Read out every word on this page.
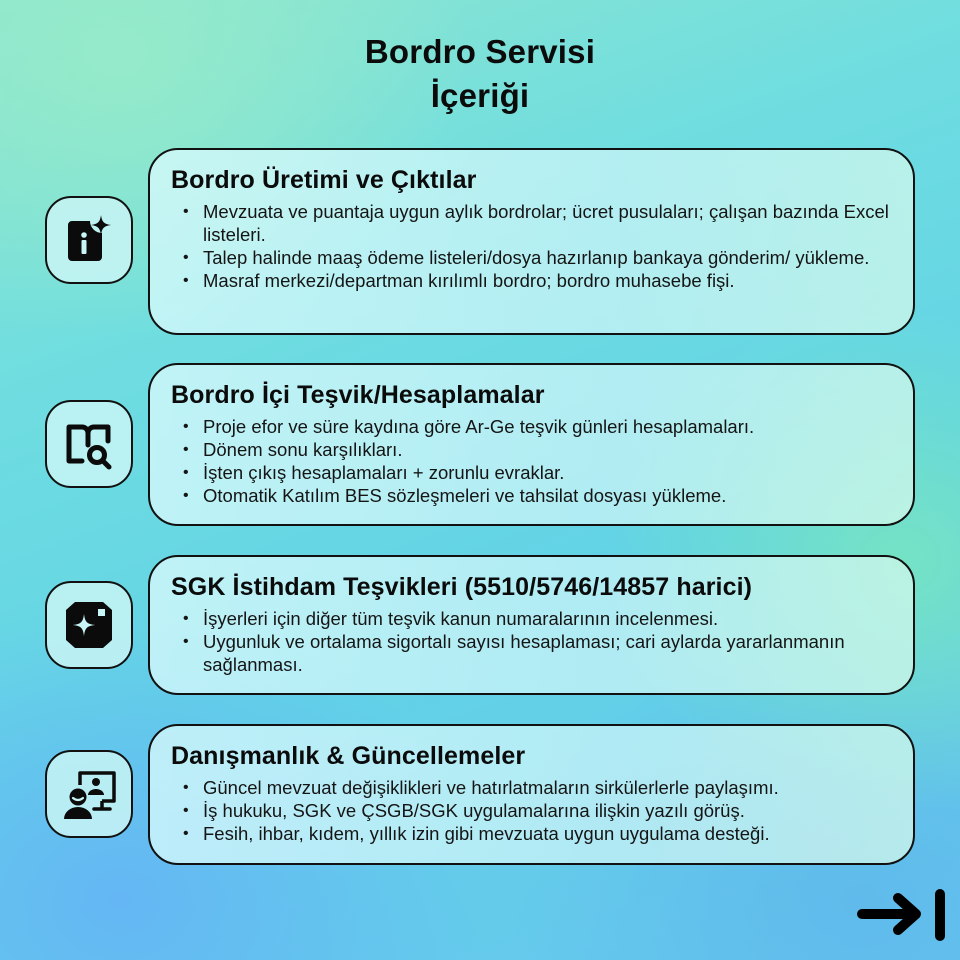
Bordro Servisi
İçeriği
Bordro Üretimi ve Çıktılar
• Mevzuata ve puantaja uygun aylık bordrolar; ücret pusulaları; çalışan bazında Excel listeleri.
• Talep halinde maaş ödeme listeleri/dosya hazırlanıp bankaya gönderim/ yükleme.
• Masraf merkezi/departman kırılımlı bordro; bordro muhasebe fişi.
Bordro İçi Teşvik/Hesaplamalar
• Proje efor ve süre kaydına göre Ar-Ge teşvik günleri hesaplamaları.
• Dönem sonu karşılıkları.
• İşten çıkış hesaplamaları + zorunlu evraklar.
• Otomatik Katılım BES sözleşmeleri ve tahsilat dosyası yükleme.
SGK İstihdam Teşvikleri (5510/5746/14857 harici)
• İşyerleri için diğer tüm teşvik kanun numaralarının incelenmesi.
• Uygunluk ve ortalama sigortalı sayısı hesaplaması; cari aylarda yararlanmanın sağlanması.
Danışmanlık & Güncellemeler
• Güncel mevzuat değişiklikleri ve hatırlatmaların sirkülerlerle paylaşımı.
• İş hukuku, SGK ve ÇSGB/SGK uygulamalarına ilişkin yazılı görüş.
• Fesih, ihbar, kıdem, yıllık izin gibi mevzuata uygun uygulama desteği.
